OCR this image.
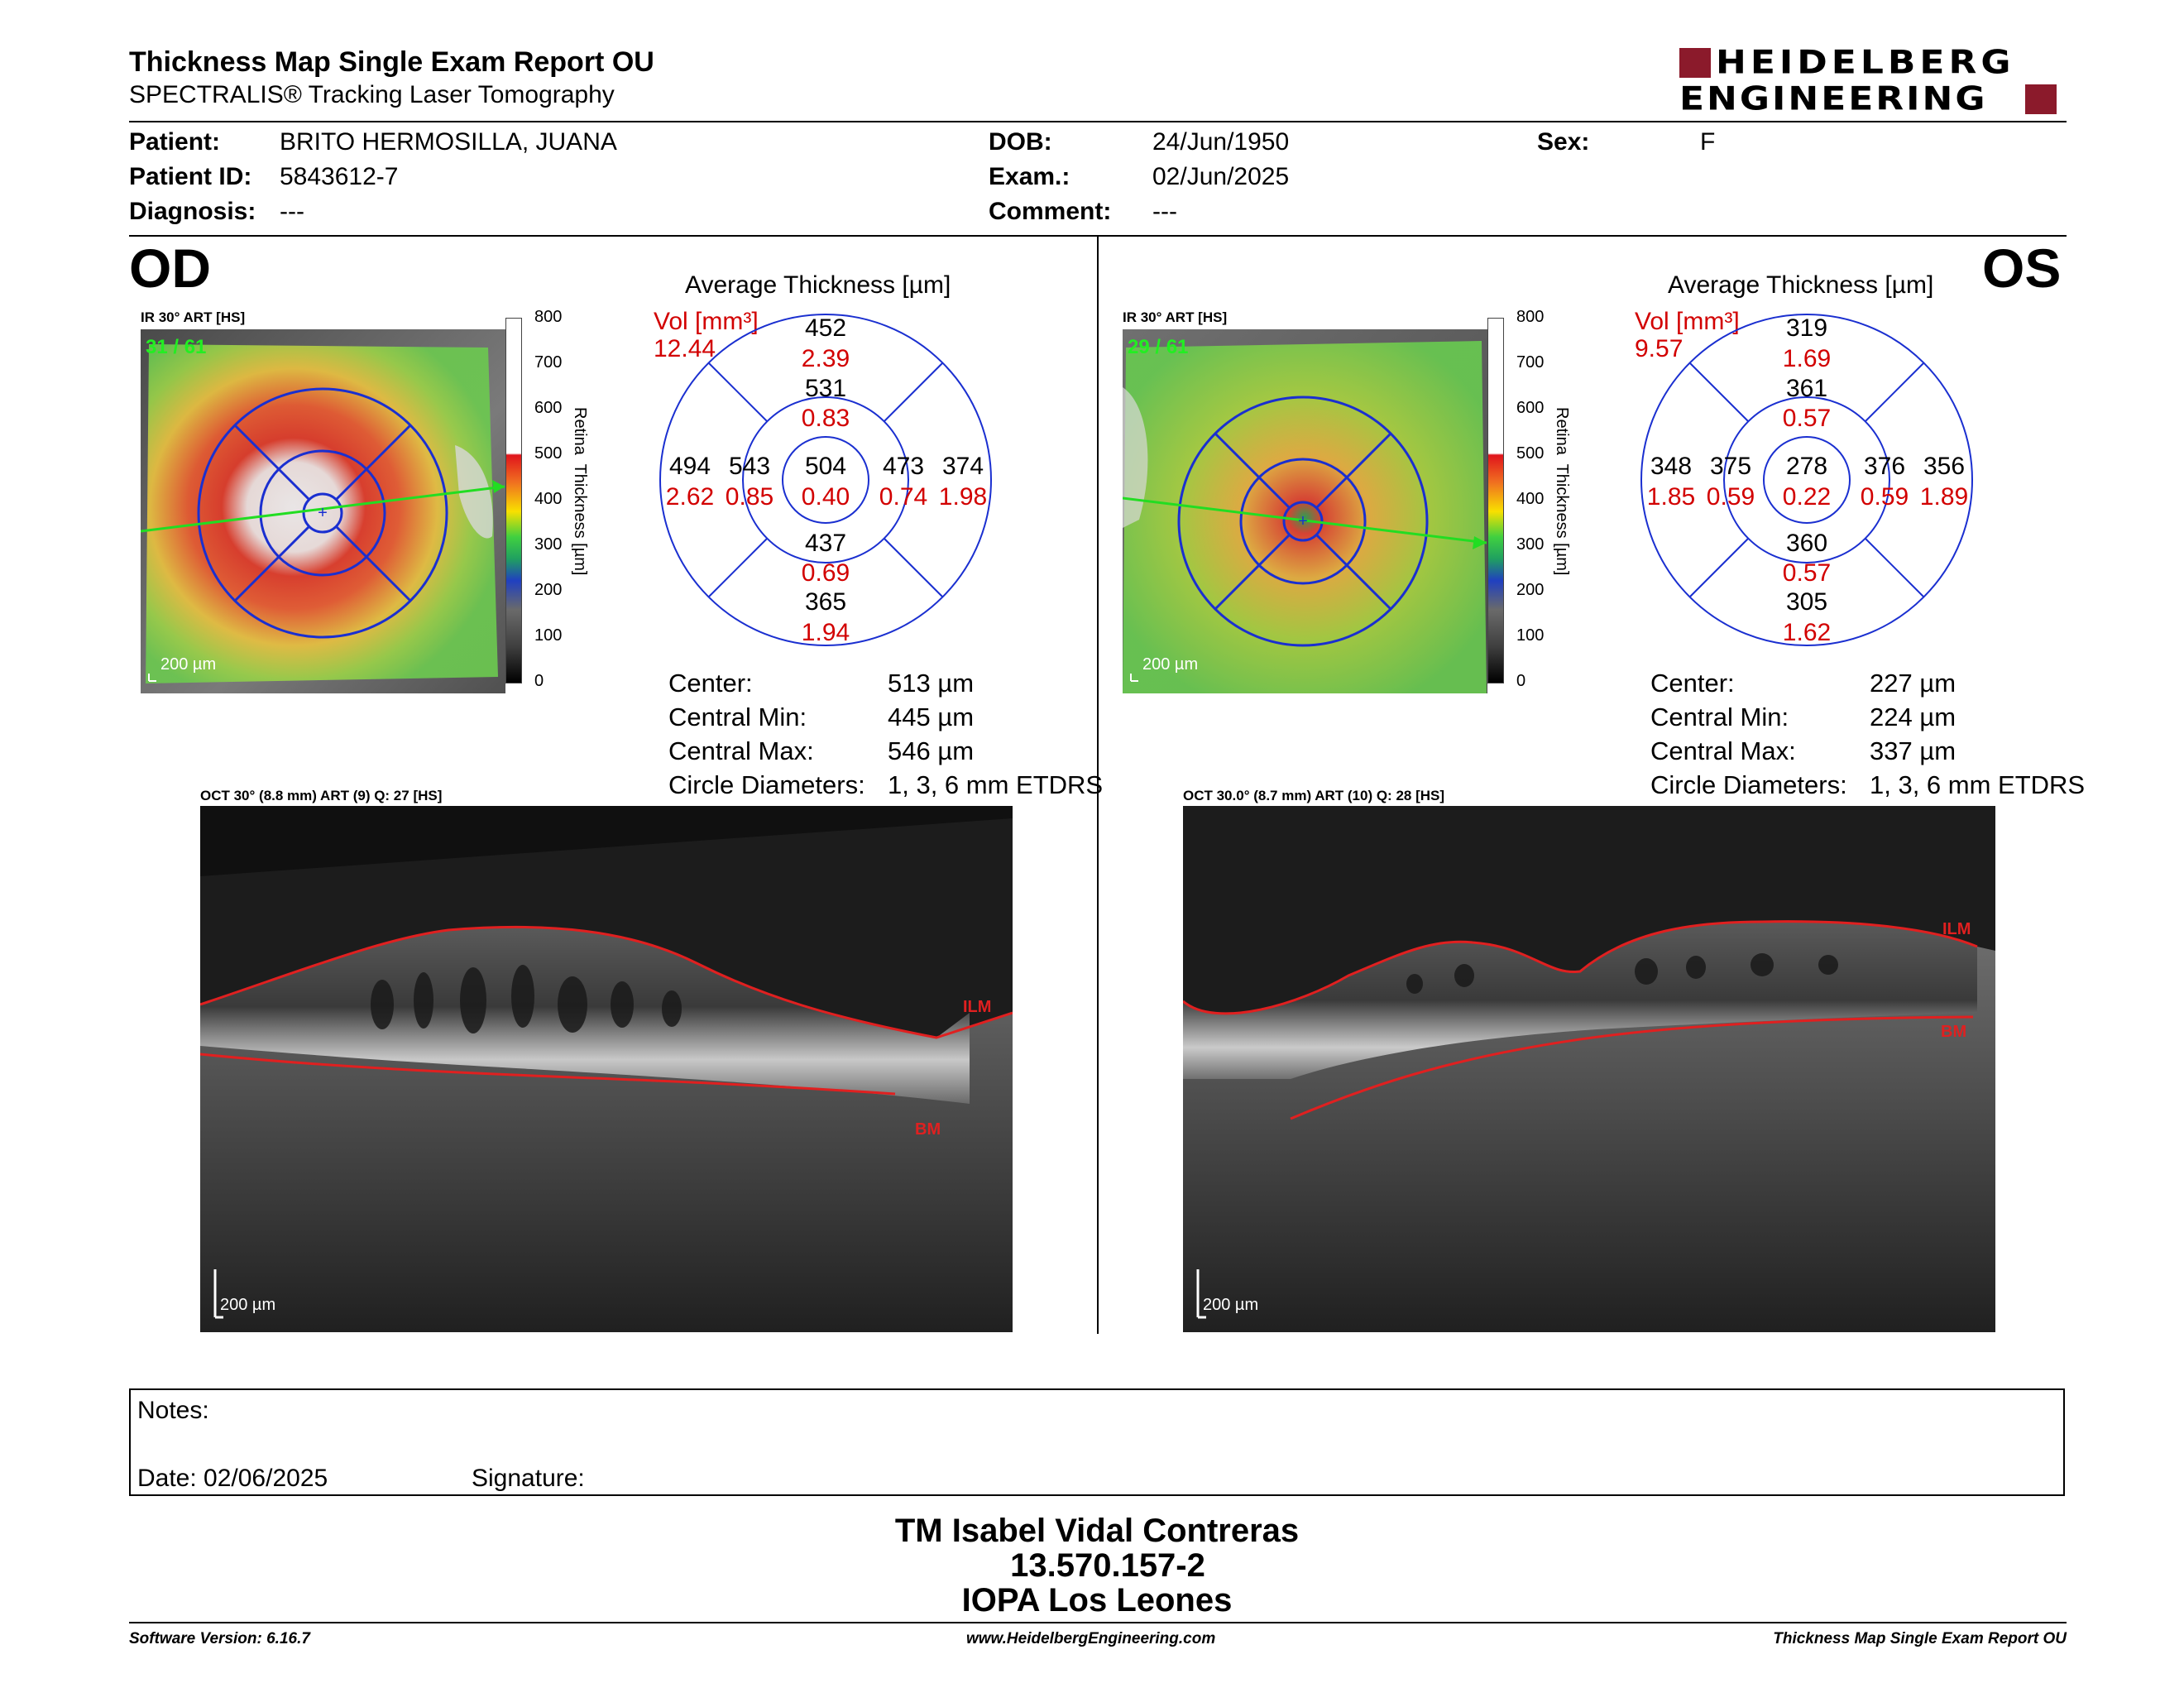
Thickness Map Single Exam Report OU
SPECTRALIS® Tracking Laser Tomography
HEIDELBERG
ENGINEERING
Patient: BRITO HERMOSILLA, JUANA
Patient ID: 5843612-7
Diagnosis: ---
DOB:	24/Jun/1950
Exam.:	02/Jun/2025
Comment: ---
Sex:	F
OD
IR 30° ART [HS]
+
31 / 61
200 µm
800
700
600
500
400
300
200
100
0
Retina  Thickness [µm]
Average Thickness [µm]
Vol [mm³]
12.44
452
2.39
531
0.83
504
0.40
543
0.85
494
2.62
473
0.74
374
1.98
437
0.69
365
1.94
Center:	513 µm
Central Min:	445 µm
Central Max:	546 µm
Circle Diameters: 1, 3, 6 mm ETDRS
OCT 30° (8.8 mm) ART (9) Q: 27 [HS]
ILM
BM
200 µm
OS
IR 30° ART [HS]
+
29 / 61
200 µm
800
700
600
500
400
300
200
100
0
Retina  Thickness [µm]
Average Thickness [µm]
Vol [mm³]
9.57
319
1.69
361
0.57
278
0.22
375
0.59
348
1.85
376
0.59
356
1.89
360
0.57
305
1.62
Center:	227 µm
Central Min:	224 µm
Central Max:	337 µm
Circle Diameters: 1, 3, 6 mm ETDRS
OCT 30.0° (8.7 mm) ART (10) Q: 28 [HS]
ILM
BM
200 µm
Notes:
Date: 02/06/2025	Signature:
TM Isabel Vidal Contreras
13.570.157-2
IOPA Los Leones
Software Version: 6.16.7	www.HeidelbergEngineering.com	Thickness Map Single Exam Report OU
